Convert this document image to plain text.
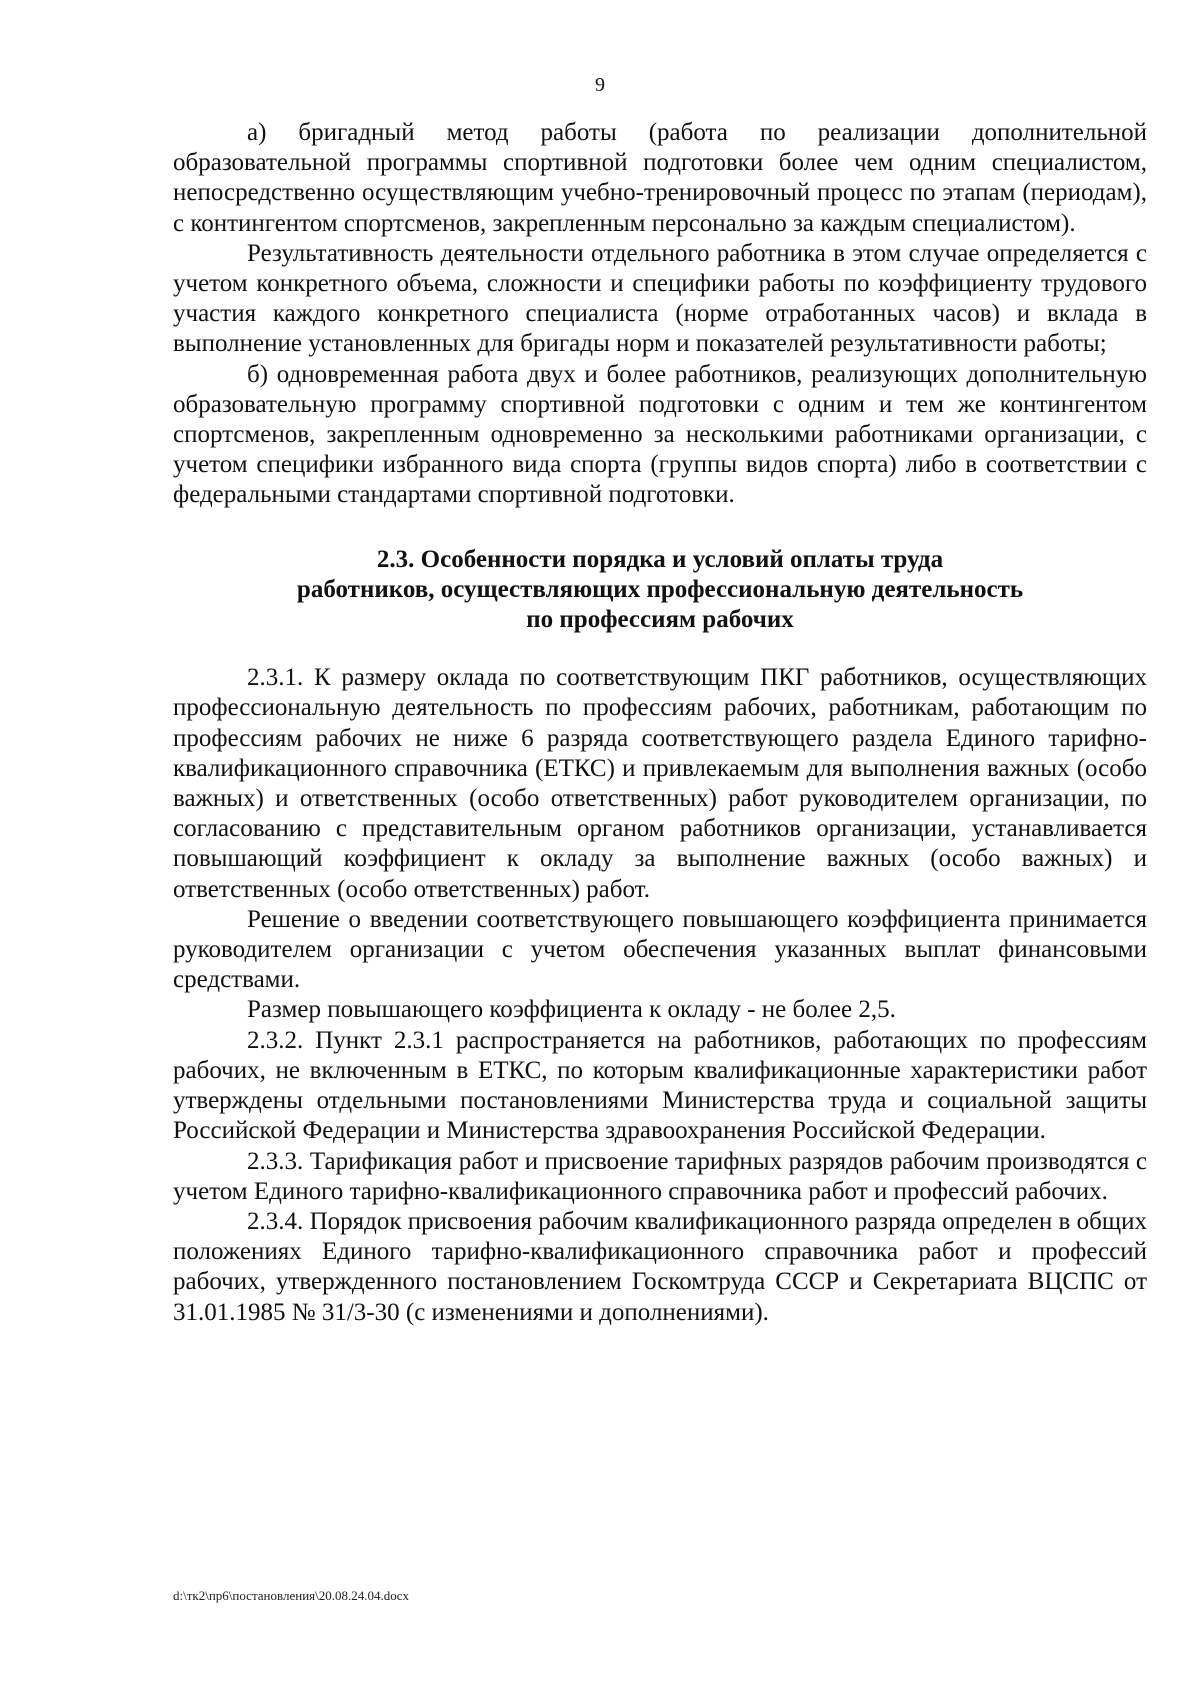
9

а) бригадный метод работы (работа по реализации дополнительной образовательной программы спортивной подготовки более чем одним специалистом, непосредственно осуществляющим учебно-тренировочный процесс по этапам (периодам), с контингентом спортсменов, закрепленным персонально за каждым специалистом).

Результативность деятельности отдельного работника в этом случае определяется с учетом конкретного объема, сложности и специфики работы по коэффициенту трудового участия каждого конкретного специалиста (норме отработанных часов) и вклада в выполнение установленных для бригады норм и показателей результативности работы;

б) одновременная работа двух и более работников, реализующих дополнительную образовательную программу спортивной подготовки с одним и тем же контингентом спортсменов, закрепленным одновременно за несколькими работниками организации, с учетом специфики избранного вида спорта (группы видов спорта) либо в соответствии с федеральными стандартами спортивной подготовки.

2.3. Особенности порядка и условий оплаты труда
работников, осуществляющих профессиональную деятельность
по профессиям рабочих

2.3.1. К размеру оклада по соответствующим ПКГ работников, осуществляющих профессиональную деятельность по профессиям рабочих, работникам, работающим по профессиям рабочих не ниже 6 разряда соответствующего раздела Единого тарифно-квалификационного справочника (ЕТКС) и привлекаемым для выполнения важных (особо важных) и ответственных (особо ответственных) работ руководителем организации, по согласованию с представительным органом работников организации, устанавливается повышающий коэффициент к окладу за выполнение важных (особо важных) и ответственных (особо ответственных) работ.

Решение о введении соответствующего повышающего коэффициента принимается руководителем организации с учетом обеспечения указанных выплат финансовыми средствами.

Размер повышающего коэффициента к окладу - не более 2,5.

2.3.2. Пункт 2.3.1 распространяется на работников, работающих по профессиям рабочих, не включенным в ЕТКС, по которым квалификационные характеристики работ утверждены отдельными постановлениями Министерства труда и социальной защиты Российской Федерации и Министерства здравоохранения Российской Федерации.

2.3.3. Тарификация работ и присвоение тарифных разрядов рабочим производятся с учетом Единого тарифно-квалификационного справочника работ и профессий рабочих.

2.3.4. Порядок присвоения рабочим квалификационного разряда определен в общих положениях Единого тарифно-квалификационного справочника работ и профессий рабочих, утвержденного постановлением Госкомтруда СССР и Секретариата ВЦСПС от 31.01.1985 № 31/3-30 (с изменениями и дополнениями).

d:\тк2\пр6\постановления\20.08.24.04.docx
